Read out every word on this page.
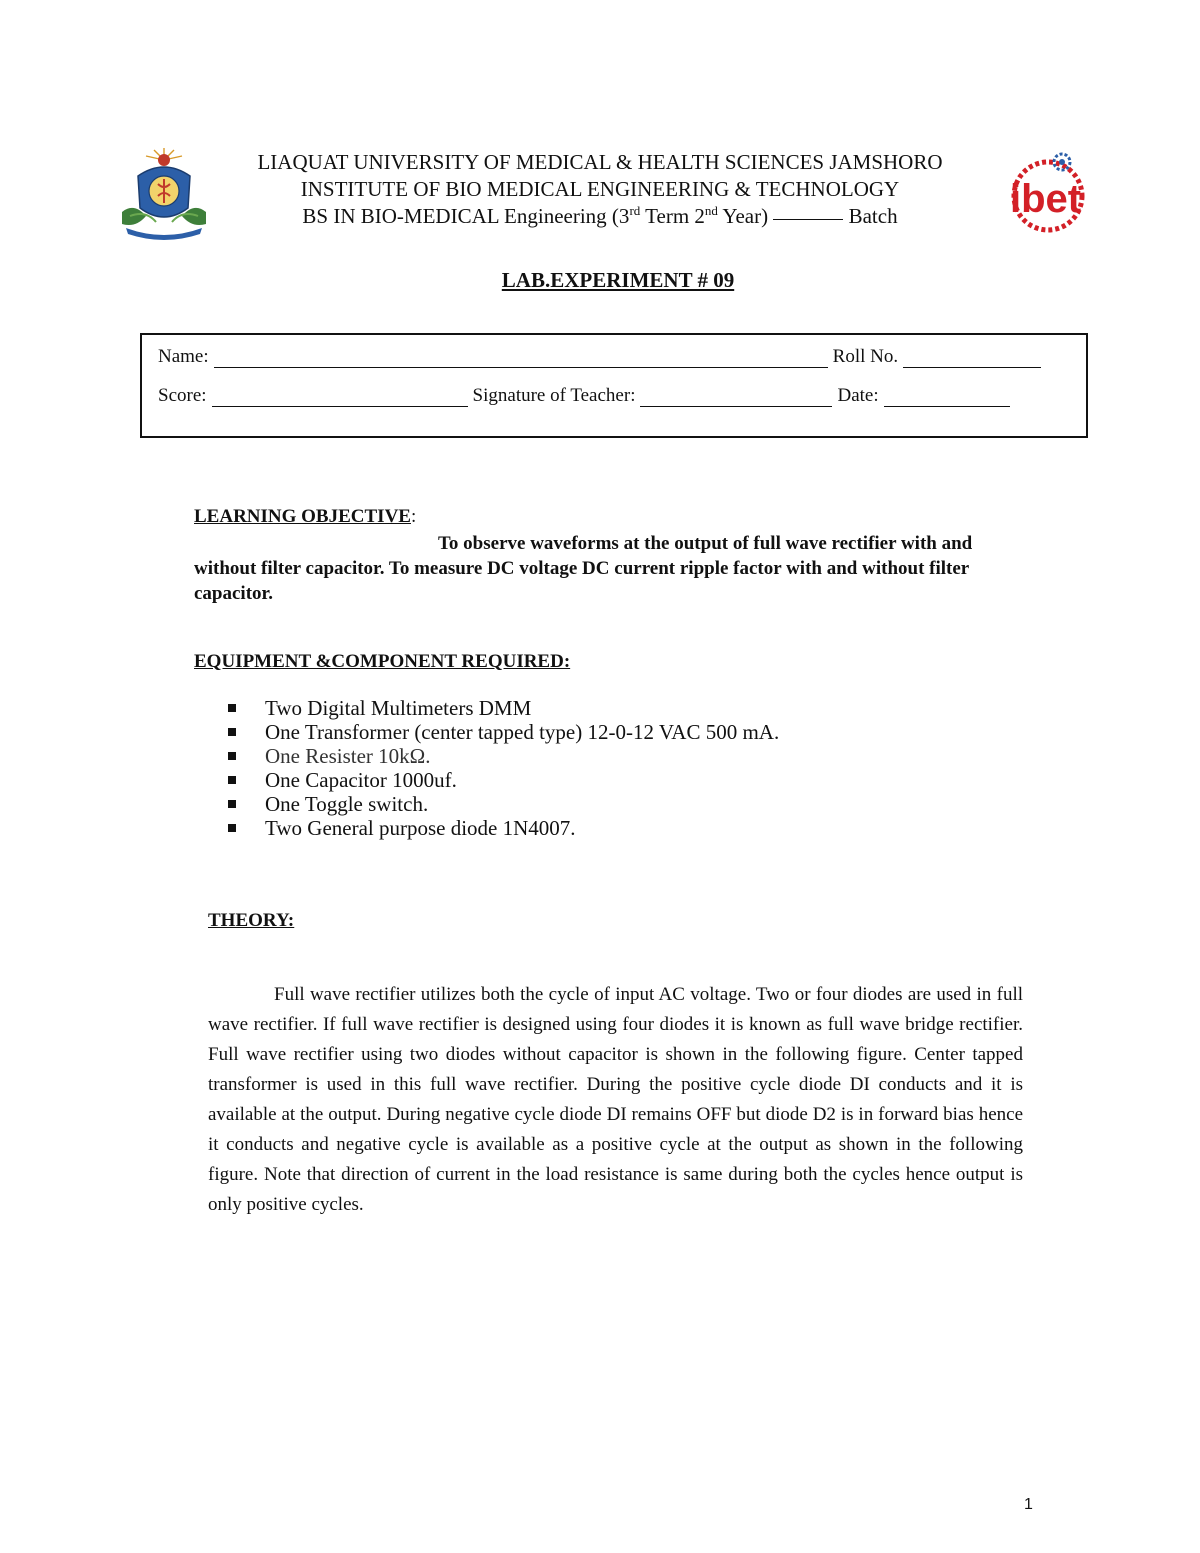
ibet
LIAQUAT UNIVERSITY OF MEDICAL & HEALTH SCIENCES JAMSHORO
INSTITUTE OF BIO MEDICAL ENGINEERING & TECHNOLOGY
BS IN BIO-MEDICAL Engineering (3rd Term 2nd Year)	Batch
LAB.EXPERIMENT # 09
Name:	Roll No.
Score:	Signature of Teacher:	Date:
LEARNING OBJECTIVE:
To observe waveforms at the output of full wave rectifier with and without filter capacitor. To measure DC voltage DC current ripple factor with and without filter capacitor.
EQUIPMENT &COMPONENT REQUIRED:
Two Digital Multimeters DMM
One Transformer (center tapped type) 12-0-12 VAC 500 mA.
One Resister 10kΩ.
One Capacitor 1000uf.
One Toggle switch.
Two General purpose diode 1N4007.
THEORY:
Full wave rectifier utilizes both the cycle of input AC voltage. Two or four diodes are used in full wave rectifier. If full wave rectifier is designed using four diodes it is known as full wave bridge rectifier. Full wave rectifier using two diodes without capacitor is shown in the following figure. Center tapped transformer is used in this full wave rectifier. During the positive cycle diode DI conducts and it is available at the output. During negative cycle diode DI remains OFF but diode D2 is in forward bias hence it conducts and negative cycle is available as a positive cycle at the output as shown in the following figure. Note that direction of current in the load resistance is same during both the cycles hence output is only positive cycles.
1
